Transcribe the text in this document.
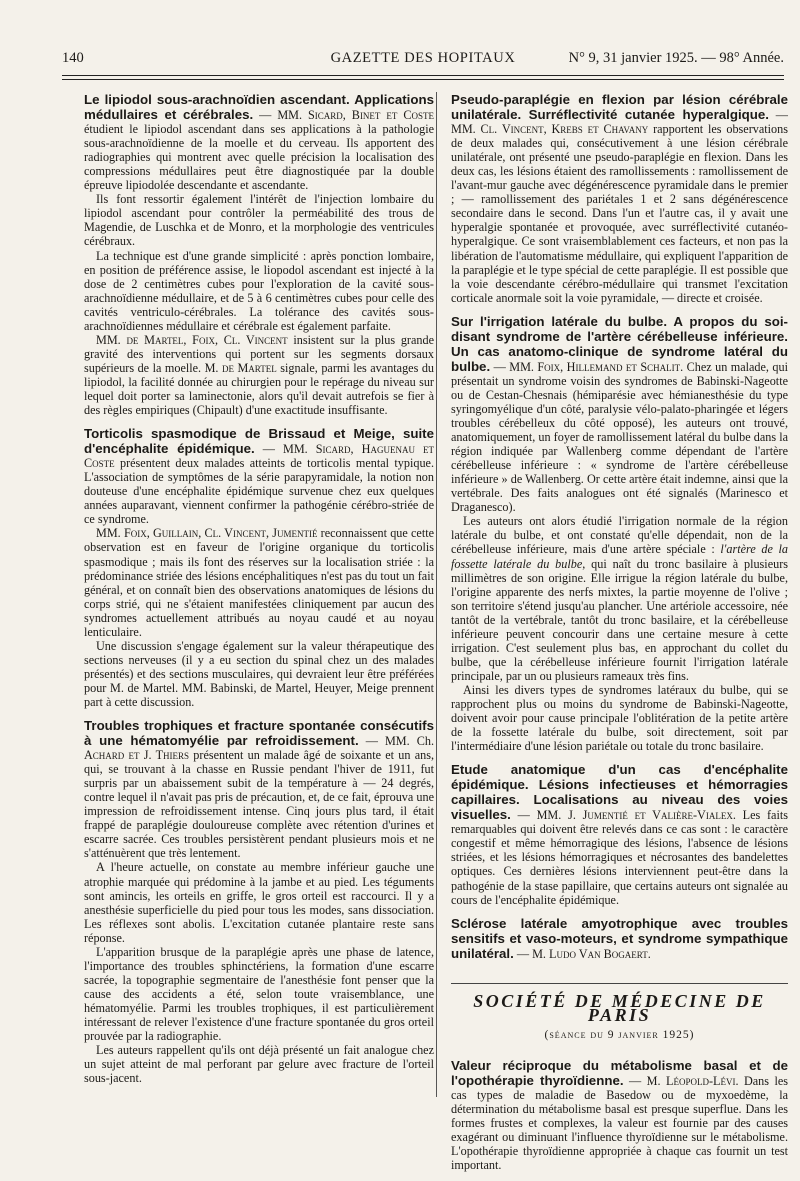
140	GAZETTE DES HOPITAUX	N° 9, 31 janvier 1925. — 98° Année.

Le lipiodol sous-arachnoïdien ascendant. Applications médullaires et cérébrales. — MM. Sicard, Binet et Coste étudient le lipiodol ascendant dans ses applications à la pathologie sous-arachnoïdienne de la moelle et du cerveau. Ils apportent des radiographies qui montrent avec quelle précision la localisation des compressions médullaires peut être diagnostiquée par la double épreuve lipiodolée descendante et ascendante.

Ils font ressortir également l'intérêt de l'injection lombaire du lipiodol ascendant pour contrôler la perméabilité des trous de Magendie, de Luschka et de Monro, et la morphologie des ventricules cérébraux.

La technique est d'une grande simplicité : après ponction lombaire, en position de préférence assise, le liopodol ascendant est injecté à la dose de 2 centimètres cubes pour l'exploration de la cavité sous-arachnoïdienne médullaire, et de 5 à 6 centimètres cubes pour celle des cavités ventriculo-cérébrales. La tolérance des cavités sous-arachnoïdiennes médullaire et cérébrale est également parfaite.

MM. de Martel, Foix, Cl. Vincent insistent sur la plus grande gravité des interventions qui portent sur les segments dorsaux supérieurs de la moelle. M. de Martel signale, parmi les avantages du lipiodol, la facilité donnée au chirurgien pour le repérage du niveau sur lequel doit porter sa laminectonie, alors qu'il devait autrefois se fier à des règles empiriques (Chipault) d'une exactitude insuffisante.

Torticolis spasmodique de Brissaud et Meige, suite d'encéphalite épidémique. — MM. Sicard, Haguenau et Coste présentent deux malades atteints de torticolis mental typique. L'association de symptômes de la série parapyramidale, la notion non douteuse d'une encéphalite épidémique survenue chez eux quelques années auparavant, viennent confirmer la pathogénie cérébro-striée de ce syndrome.

MM. Foix, Guillain, Cl. Vincent, Jumentié reconnaissent que cette observation est en faveur de l'origine organique du torticolis spasmodique ; mais ils font des réserves sur la localisation striée : la prédominance striée des lésions encéphalitiques n'est pas du tout un fait général, et on connaît bien des observations anatomiques de lésions du corps strié, qui ne s'étaient manifestées cliniquement par aucun des syndromes actuellement attribués au noyau caudé et au noyau lenticulaire.

Une discussion s'engage également sur la valeur thérapeutique des sections nerveuses (il y a eu section du spinal chez un des malades présentés) et des sections musculaires, qui devraient leur être préférées pour M. de Martel. MM. Babinski, de Martel, Heuyer, Meige prennent part à cette discussion.

Troubles trophiques et fracture spontanée consécutifs à une hématomyélie par refroidissement. — MM. Ch. Achard et J. Thiers présentent un malade âgé de soixante et un ans, qui, se trouvant à la chasse en Russie pendant l'hiver de 1911, fut surpris par un abaissement subit de la température à — 24 degrés, contre lequel il n'avait pas pris de précaution, et, de ce fait, éprouva une impression de refroidissement intense. Cinq jours plus tard, il était frappé de paraplégie douloureuse complète avec rétention d'urines et escarre sacrée. Ces troubles persistèrent pendant plusieurs mois et ne s'atténuèrent que très lentement.

A l'heure actuelle, on constate au membre inférieur gauche une atrophie marquée qui prédomine à la jambe et au pied. Les téguments sont amincis, les orteils en griffe, le gros orteil est raccourci. Il y a anesthésie superficielle du pied pour tous les modes, sans dissociation. Les réflexes sont abolis. L'excitation cutanée plantaire reste sans réponse.

L'apparition brusque de la paraplégie après une phase de latence, l'importance des troubles sphinctériens, la formation d'une escarre sacrée, la topographie segmentaire de l'anesthésie font penser que la cause des accidents a été, selon toute vraisemblance, une hématomyélie. Parmi les troubles trophiques, il est particulièrement intéressant de relever l'existence d'une fracture spontanée du gros orteil prouvée par la radiographie.

Les auteurs rappellent qu'ils ont déjà présenté un fait analogue chez un sujet atteint de mal perforant par gelure avec fracture de l'orteil sous-jacent.

Pseudo-paraplégie en flexion par lésion cérébrale unilatérale. Surréflectivité cutanée hyperalgique. — MM. Cl. Vincent, Krebs et Chavany rapportent les observations de deux malades qui, consécutivement à une lésion cérébrale unilatérale, ont présenté une pseudo-paraplégie en flexion. Dans les deux cas, les lésions étaient des ramollissements : ramollissement de l'avant-mur gauche avec dégénérescence pyramidale dans le premier ; — ramollissement des pariétales 1 et 2 sans dégénérescence secondaire dans le second. Dans l'un et l'autre cas, il y avait une hyperalgie spontanée et provoquée, avec surréflectivité cutanéo-hyperalgique. Ce sont vraisemblablement ces facteurs, et non pas la libération de l'automatisme médullaire, qui expliquent l'apparition de la paraplégie et le type spécial de cette paraplégie. Il est possible que la voie descendante cérébro-médullaire qui transmet l'excitation corticale anormale soit la voie pyramidale, — directe et croisée.

Sur l'irrigation latérale du bulbe. A propos du soi-disant syndrome de l'artère cérébelleuse inférieure. Un cas anatomo-clinique de syndrome latéral du bulbe. — MM. Foix, Hillemand et Schalit. Chez un malade, qui présentait un syndrome voisin des syndromes de Babinski-Nageotte ou de Cestan-Chesnais (hémiparésie avec hémianesthésie du type syringomyélique d'un côté, paralysie vélo-palato-pharingée et légers troubles cérébelleux du côté opposé), les auteurs ont trouvé, anatomiquement, un foyer de ramollissement latéral du bulbe dans la région indiquée par Wallenberg comme dépendant de l'artère cérébelleuse inférieure : « syndrome de l'artère cérébelleuse inférieure » de Wallenberg. Or cette artère était indemne, ainsi que la vertébrale. Des faits analogues ont été signalés (Marinesco et Draganesco).

Les auteurs ont alors étudié l'irrigation normale de la région latérale du bulbe, et ont constaté qu'elle dépendait, non de la cérébelleuse inférieure, mais d'une artère spéciale : l'artère de la fossette latérale du bulbe, qui naît du tronc basilaire à plusieurs millimètres de son origine. Elle irrigue la région latérale du bulbe, l'origine apparente des nerfs mixtes, la partie moyenne de l'olive ; son territoire s'étend jusqu'au plancher. Une artériole accessoire, née tantôt de la vertébrale, tantôt du tronc basilaire, et la cérébelleuse inférieure peuvent concourir dans une certaine mesure à cette irrigation. C'est seulement plus bas, en approchant du collet du bulbe, que la cérébelleuse inférieure fournit l'irrigation latérale principale, par un ou plusieurs rameaux très fins.

Ainsi les divers types de syndromes latéraux du bulbe, qui se rapprochent plus ou moins du syndrome de Babinski-Nageotte, doivent avoir pour cause principale l'oblitération de la petite artère de la fossette latérale du bulbe, soit directement, soit par l'intermédiaire d'une lésion pariétale ou totale du tronc basilaire.

Etude anatomique d'un cas d'encéphalite épidémique. Lésions infectieuses et hémorragies capillaires. Localisations au niveau des voies visuelles. — MM. J. Jumentié et Valière-Vialex. Les faits remarquables qui doivent être relevés dans ce cas sont : le caractère congestif et même hémorragique des lésions, l'absence de lésions striées, et les lésions hémorragiques et nécrosantes des bandelettes optiques. Ces dernières lésions interviennent peut-être dans la pathogénie de la stase papillaire, que certains auteurs ont signalée au cours de l'encéphalite épidémique.

Sclérose latérale amyotrophique avec troubles sensitifs et vaso-moteurs, et syndrome sympathique unilatéral. — M. Ludo Van Bogaert.

SOCIÉTÉ DE MÉDECINE DE PARIS
(séance du 9 janvier 1925)

Valeur réciproque du métabolisme basal et de l'opothérapie thyroïdienne. — M. Léopold-Lévi. Dans les cas types de maladie de Basedow ou de myxoedème, la détermination du métabolisme basal est presque superflue. Dans les formes frustes et complexes, la valeur est fournie par des causes exagérant ou diminuant l'influence thyroïdienne sur le métabolisme. L'opothérapie thyroïdienne appropriée à chaque cas fournit un test important.
